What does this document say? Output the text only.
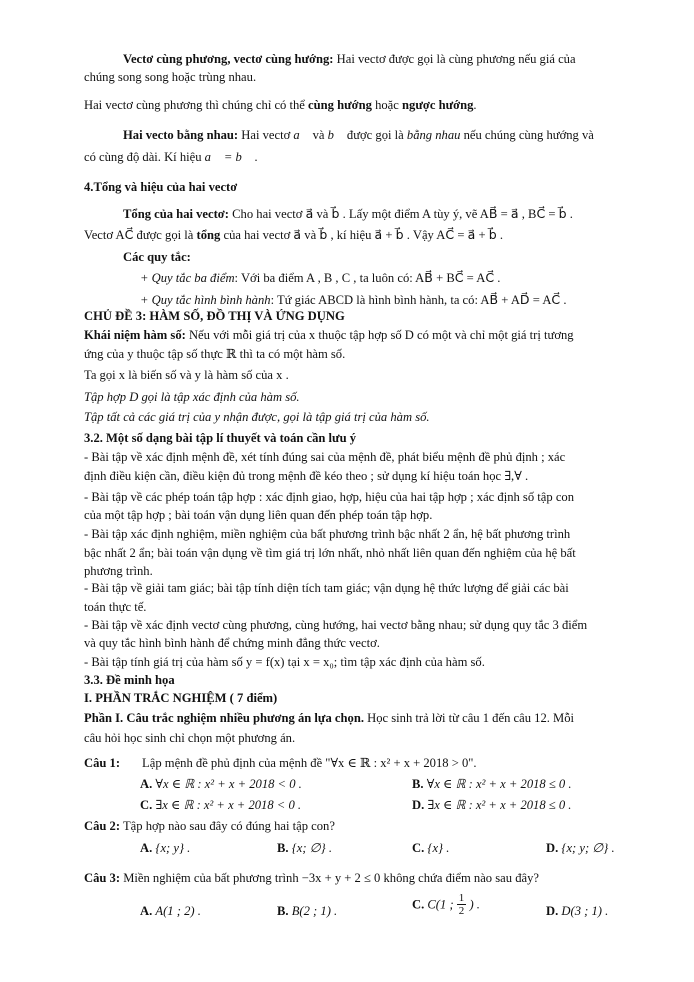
Vectơ cùng phương, vectơ cùng hướng: Hai vectơ được gọi là cùng phương nếu giá của
chúng song song hoặc trùng nhau.
Hai vectơ cùng phương thì chúng chỉ có thể cùng hướng hoặc ngược hướng.
Hai vecto bằng nhau: Hai vectơ a⃗ và b⃗ được gọi là bằng nhau nếu chúng cùng hướng và
có cùng độ dài. Kí hiệu a⃗ = b⃗ .
4.Tổng và hiệu của hai vectơ
Tổng của hai vectơ: Cho hai vectơ a⃗ và b⃗ . Lấy một điểm A tùy ý, vẽ AB⃗ = a⃗ , BC⃗ = b⃗ .
Vectơ AC⃗ được gọi là tổng của hai vectơ a⃗ và b⃗ , kí hiệu a⃗ + b⃗ . Vậy AC⃗ = a⃗ + b⃗ .
Các quy tắc:
+ Quy tắc ba điểm: Với ba điểm A , B , C , ta luôn có: AB⃗ + BC⃗ = AC⃗ .
+ Quy tắc hình bình hành: Tứ giác ABCD là hình bình hành, ta có: AB⃗ + AD⃗ = AC⃗ .
CHỦ ĐỀ 3: HÀM SỐ, ĐỒ THỊ VÀ ỨNG DỤNG
Khái niệm hàm số: Nếu với mỗi giá trị của x thuộc tập hợp số D có một và chỉ một giá trị tương
ứng của y thuộc tập số thực ℝ thì ta có một hàm số.
Ta gọi x là biến số và y là hàm số của x .
Tập hợp D gọi là tập xác định của hàm số.
Tập tất cả các giá trị của y nhận được, gọi là tập giá trị của hàm số.
3.2. Một số dạng bài tập lí thuyết và toán cần lưu ý
- Bài tập về xác định mệnh đề, xét tính đúng sai của mệnh đề, phát biểu mệnh đề phủ định ; xác
định điều kiện cần, điều kiện đủ trong mệnh đề kéo theo ; sử dụng kí hiệu toán học ∃,∀ .
- Bài tập về các phép toán tập hợp : xác định giao, hợp, hiệu của hai tập hợp ; xác định số tập con
của một tập hợp ; bài toán vận dụng liên quan đến phép toán tập hợp.
- Bài tập xác định nghiệm, miền nghiệm của bất phương trình bậc nhất 2 ẩn, hệ bất phương trình
bậc nhất 2 ẩn; bài toán vận dụng về tìm giá trị lớn nhất, nhỏ nhất liên quan đến nghiệm của hệ bất
phương trình.
- Bài tập về giải tam giác; bài tập tính diện tích tam giác; vận dụng hệ thức lượng để giải các bài
toán thực tế.
- Bài tập về xác định vectơ cùng phương, cùng hướng, hai vectơ bằng nhau; sử dụng quy tắc 3 điểm
và quy tắc hình bình hành để chứng minh đẳng thức vectơ.
- Bài tập tính giá trị của hàm số y = f(x) tại x = x₀; tìm tập xác định của hàm số.
3.3. Đề minh họa
I. PHẦN TRẮC NGHIỆM ( 7 điểm)
Phần I. Câu trắc nghiệm nhiều phương án lựa chọn. Học sinh trả lời từ câu 1 đến câu 12. Mỗi
câu hỏi học sinh chỉ chọn một phương án.
Câu 1: Lập mệnh đề phủ định của mệnh đề "∀x ∈ ℝ : x² + x + 2018 > 0".
A. ∀x ∈ ℝ : x² + x + 2018 < 0 .	B. ∀x ∈ ℝ : x² + x + 2018 ≤ 0 .
C. ∃x ∈ ℝ : x² + x + 2018 < 0 .	D. ∃x ∈ ℝ : x² + x + 2018 ≤ 0 .
Câu 2: Tập hợp nào sau đây có đúng hai tập con?
A. {x; y} .	B. {x; ∅} .	C. {x} .	D. {x; y; ∅} .
Câu 3: Miền nghiệm của bất phương trình −3x + y + 2 ≤ 0 không chứa điểm nào sau đây?
A. A(1 ; 2) .	B. B(2 ; 1) .	C. C(1 ; $\frac{1}{2}$ ) .	D. D(3 ; 1) .
